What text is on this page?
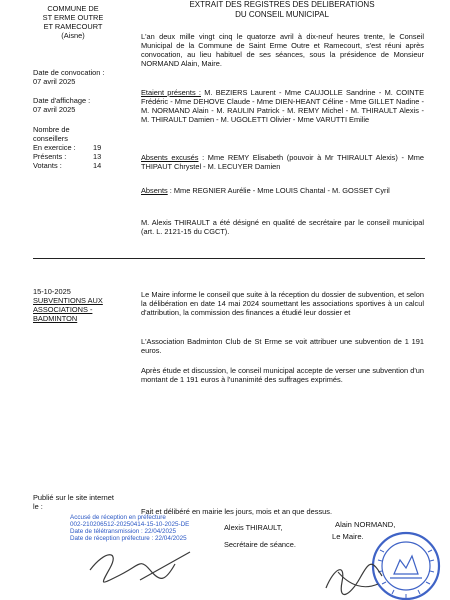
COMMUNE DE
ST ERME OUTRE
ET RAMECOURT
(Aisne)
EXTRAIT DES REGISTRES DES DELIBERATIONS
DU CONSEIL MUNICIPAL
Date de convocation :
07 avril 2025
Date d'affichage :
07 avril 2025
Nombre de conseillers
En exercice : 19
Présents :	13
Votants :	14
L'an deux mille vingt cinq le quatorze avril à dix-neuf heures trente, le Conseil Municipal de la Commune de Saint Erme Outre et Ramecourt, s'est réuni après convocation, au lieu habituel de ses séances, sous la présidence de Monsieur NORMAND Alain, Maire.
Etaient présents : M. BEZIERS Laurent - Mme CAUJOLLE Sandrine - M. COINTE Frédéric - Mme DEHOVE Claude - Mme DIEN-HEANT Céline - Mme GILLET Nadine - M. NORMAND Alain - M. RAULIN Patrick - M. REMY Michel - M. THIRAULT Alexis - M. THIRAULT Damien - M. UGOLETTI Olivier - Mme VARUTTI Emilie
Absents excusés : Mme REMY Elisabeth (pouvoir à Mr THIRAULT Alexis) - Mme THIPAUT Chrystel - M. LECUYER Damien
Absents : Mme REGNIER Aurélie - Mme LOUIS Chantal - M. GOSSET Cyril
M. Alexis THIRAULT a été désigné en qualité de secrétaire par le conseil municipal (art. L. 2121-15 du CGCT).
15-10-2025
SUBVENTIONS AUX
ASSOCIATIONS -
BADMINTON
Le Maire informe le conseil que suite à la réception du dossier de subvention, et selon la délibération en date 14 mai 2024 soumettant les associations sportives à un calcul d'attribution, la commission des finances a étudié leur dossier et
L'Association Badminton Club de St Erme se voit attribuer une subvention de 1 191 euros.
Après étude et discussion, le conseil municipal accepte de verser une subvention d'un montant de 1 191 euros à l'unanimité des suffrages exprimés.
Publié sur le site internet
le :
Fait et délibéré en mairie les jours, mois et an que dessus.
Alexis THIRAULT,
Secrétaire de séance.
Accusé de réception en préfecture
002-210206512-20250414-15-10-2025-DE
Date de télétransmission : 22/04/2025
Date de réception préfecture : 22/04/2025
Alain NORMAND,
Le Maire.
